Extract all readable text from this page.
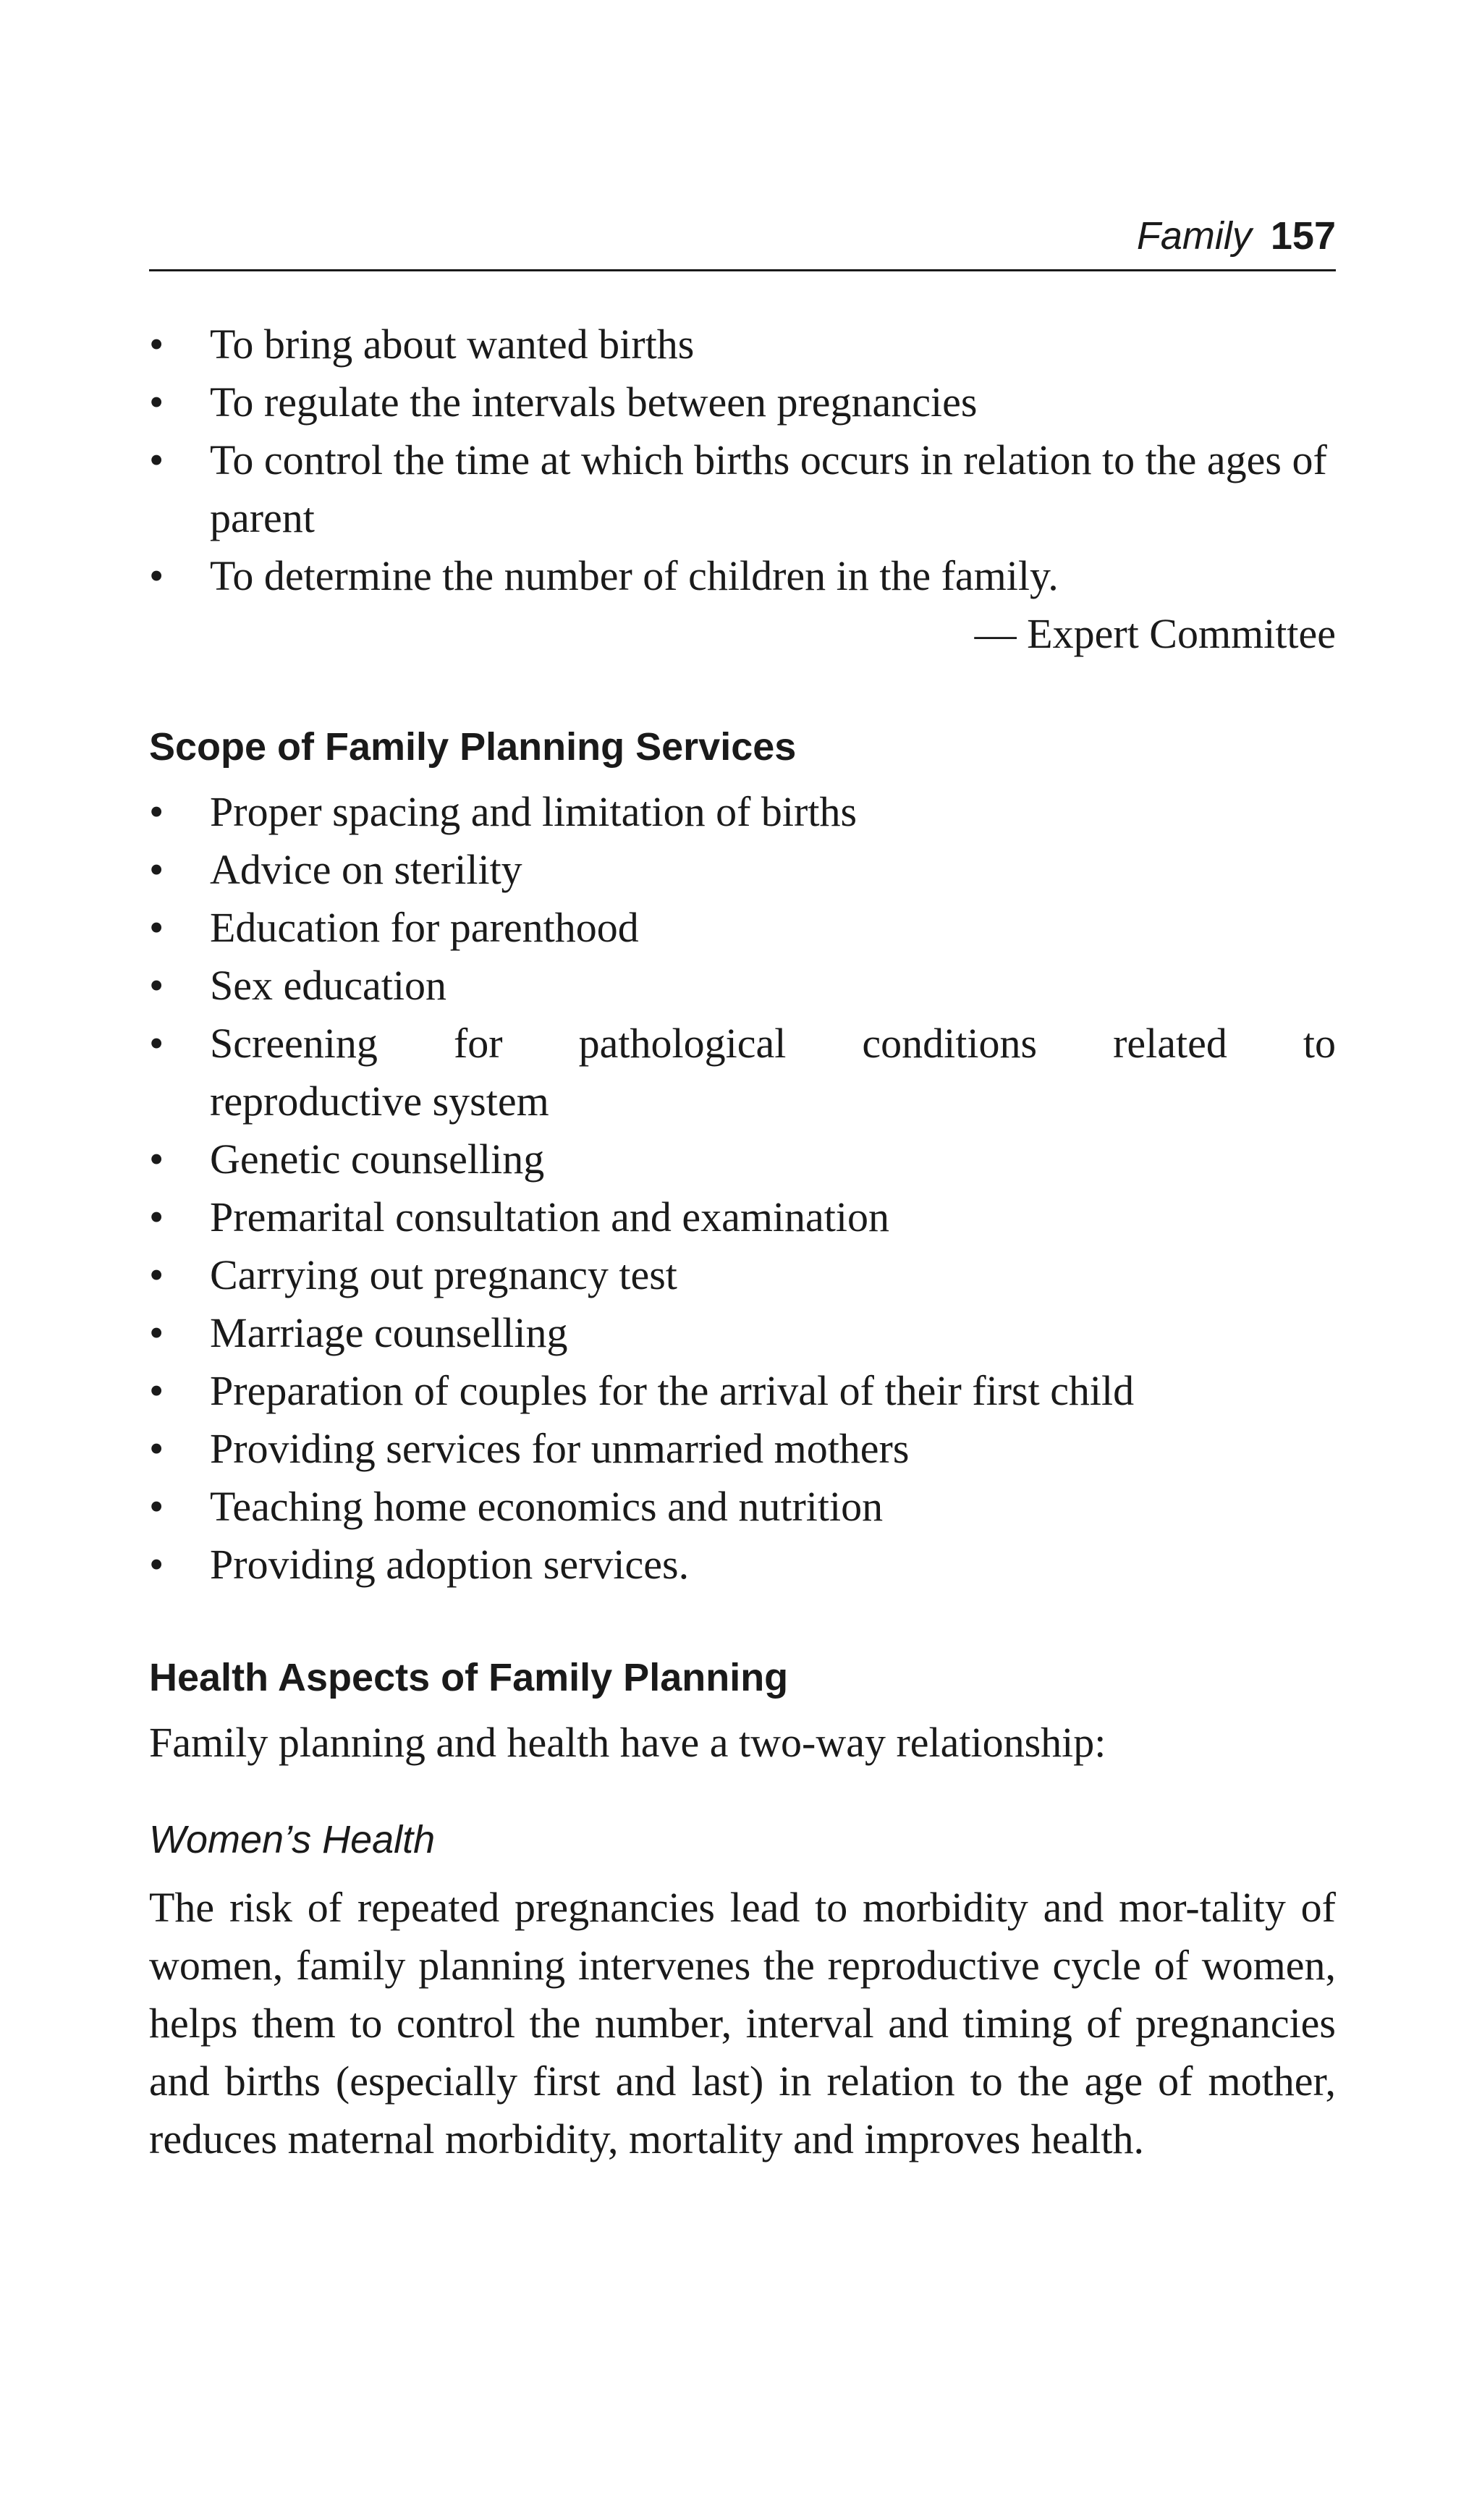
Family 157
• To bring about wanted births
• To regulate the intervals between pregnancies
• To control the time at which births occurs in relation to the ages of parent
• To determine the number of children in the family.
— Expert Committee
Scope of Family Planning Services
• Proper spacing and limitation of births
• Advice on sterility
• Education for parenthood
• Sex education
• Screening for pathological conditions related to
reproductive system
• Genetic counselling
• Premarital consultation and examination
• Carrying out pregnancy test
• Marriage counselling
• Preparation of couples for the arrival of their first child
• Providing services for unmarried mothers
• Teaching home economics and nutrition
• Providing adoption services.
Health Aspects of Family Planning

Family planning and health have a two-way relationship:

Women’s Health

The risk of repeated pregnancies lead to morbidity and mor-tality of women, family planning intervenes the reproductive cycle of women, helps them to control the number, interval and timing of pregnancies and births (especially first and last) in relation to the age of mother, reduces maternal morbidity, mortality and improves health.
